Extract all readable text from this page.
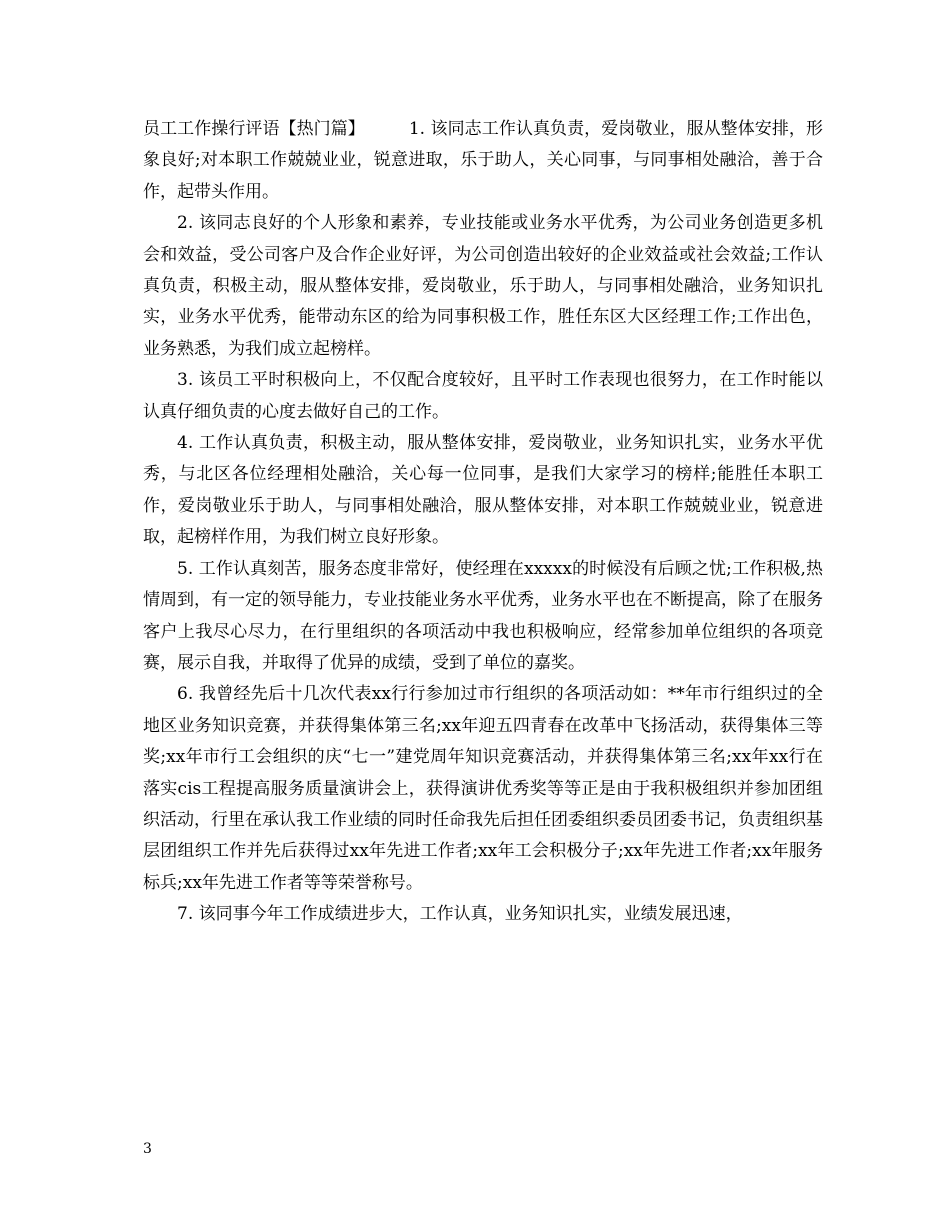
员工工作操行评语【热门篇】	1. 该同志工作认真负责，爱岗敬业，服从整体安排，形象良好;对本职工作兢兢业业，锐意进取，乐于助人，关心同事，与同事相处融洽，善于合作，起带头作用。

2. 该同志良好的个人形象和素养，专业技能或业务水平优秀，为公司业务创造更多机会和效益，受公司客户及合作企业好评，为公司创造出较好的企业效益或社会效益;工作认真负责，积极主动，服从整体安排，爱岗敬业，乐于助人，与同事相处融洽，业务知识扎实，业务水平优秀，能带动东区的给为同事积极工作，胜任东区大区经理工作;工作出色，业务熟悉，为我们成立起榜样。

3. 该员工平时积极向上，不仅配合度较好，且平时工作表现也很努力，在工作时能以认真仔细负责的心度去做好自己的工作。

4. 工作认真负责，积极主动，服从整体安排，爱岗敬业，业务知识扎实，业务水平优秀，与北区各位经理相处融洽，关心每一位同事，是我们大家学习的榜样;能胜任本职工作，爱岗敬业乐于助人，与同事相处融洽，服从整体安排，对本职工作兢兢业业，锐意进取，起榜样作用，为我们树立良好形象。

5. 工作认真刻苦，服务态度非常好，使经理在xxxxx的时候没有后顾之忧;工作积极,热情周到，有一定的领导能力，专业技能业务水平优秀，业务水平也在不断提高，除了在服务客户上我尽心尽力，在行里组织的各项活动中我也积极响应，经常参加单位组织的各项竞赛，展示自我，并取得了优异的成绩，受到了单位的嘉奖。

6. 我曾经先后十几次代表xx行行参加过市行组织的各项活动如：**年市行组织过的全地区业务知识竞赛，并获得集体第三名;xx年迎五四青春在改革中飞扬活动，获得集体三等奖;xx年市行工会组织的庆“七一”建党周年知识竞赛活动，并获得集体第三名;xx年xx行在落实cis工程提高服务质量演讲会上，获得演讲优秀奖等等正是由于我积极组织并参加团组织活动，行里在承认我工作业绩的同时任命我先后担任团委组织委员团委书记，负责组织基层团组织工作并先后获得过xx年先进工作者;xx年工会积极分子;xx年先进工作者;xx年服务标兵;xx年先进工作者等等荣誉称号。

7. 该同事今年工作成绩进步大，工作认真，业务知识扎实，业绩发展迅速，

3
